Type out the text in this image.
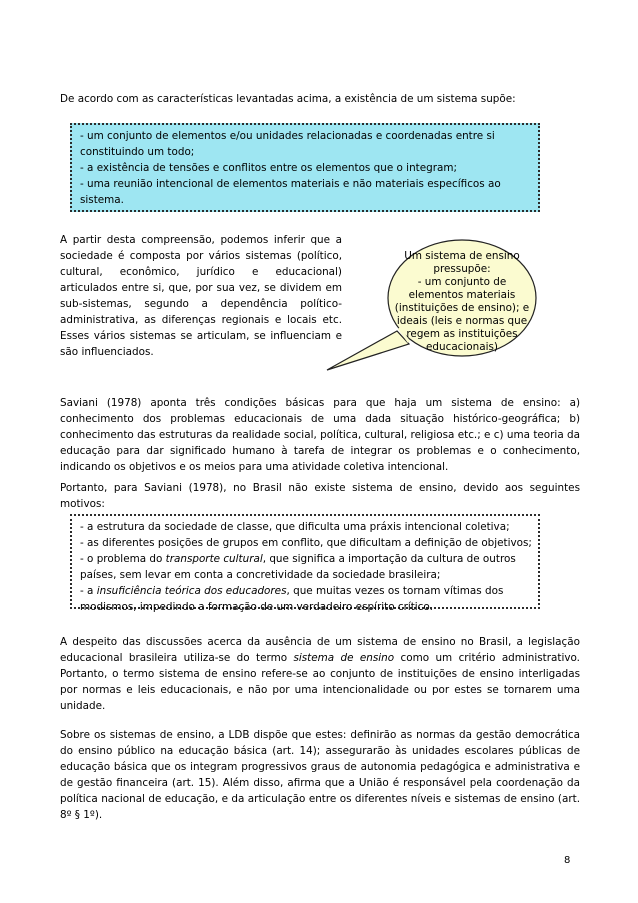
De acordo com as características levantadas acima, a existência de um sistema supõe:

- um conjunto de elementos e/ou unidades relacionadas e coordenadas entre si
constituindo um todo;
- a existência de tensões e conflitos entre os elementos que o integram;
- uma reunião intencional de elementos materiais e não materiais específicos ao
sistema.
A partir desta compreensão, podemos inferir que a
sociedade é composta por vários sistemas (político,
cultural, econômico, jurídico e educacional)
articulados entre si, que, por sua vez, se dividem em
sub-sistemas, segundo a dependência político-
administrativa, as diferenças regionais e locais etc.
Esses vários sistemas se articulam, se influenciam e
são influenciados.
Um sistema de ensino
pressupõe:
- um conjunto de
elementos materiais
(instituições de ensino); e
ideais (leis e normas que
regem as instituições
educacionais)
Saviani (1978) aponta três condições básicas para que haja um sistema de ensino: a)
conhecimento dos problemas educacionais de uma dada situação histórico-geográfica; b)
conhecimento das estruturas da realidade social, política, cultural, religiosa etc.; e c) uma teoria da
educação para dar significado humano à tarefa de integrar os problemas e o conhecimento,
indicando os objetivos e os meios para uma atividade coletiva intencional.
Portanto, para Saviani (1978), no Brasil não existe sistema de ensino, devido aos seguintes
motivos:
- a estrutura da sociedade de classe, que dificulta uma práxis intencional coletiva;
- as diferentes posições de grupos em conflito, que dificultam a definição de objetivos;
- o problema do transporte cultural, que significa a importação da cultura de outros
países, sem levar em conta a concretividade da sociedade brasileira;
- a insuficiência teórica dos educadores, que muitas vezes os tornam vítimas dos
modismos, impedindo a formação de um verdadeiro espírito crítico.
A despeito das discussões acerca da ausência de um sistema de ensino no Brasil, a legislação
educacional brasileira utiliza-se do termo sistema de ensino como um critério administrativo.
Portanto, o termo sistema de ensino refere-se ao conjunto de instituições de ensino interligadas
por normas e leis educacionais, e não por uma intencionalidade ou por estes se tornarem uma
unidade.
Sobre os sistemas de ensino, a LDB dispõe que estes: definirão as normas da gestão democrática
do ensino público na educação básica (art. 14); assegurarão às unidades escolares públicas de
educação básica que os integram progressivos graus de autonomia pedagógica e administrativa e
de gestão financeira (art. 15). Além disso, afirma que a União é responsável pela coordenação da
política nacional de educação, e da articulação entre os diferentes níveis e sistemas de ensino (art.
8º § 1º).
8
